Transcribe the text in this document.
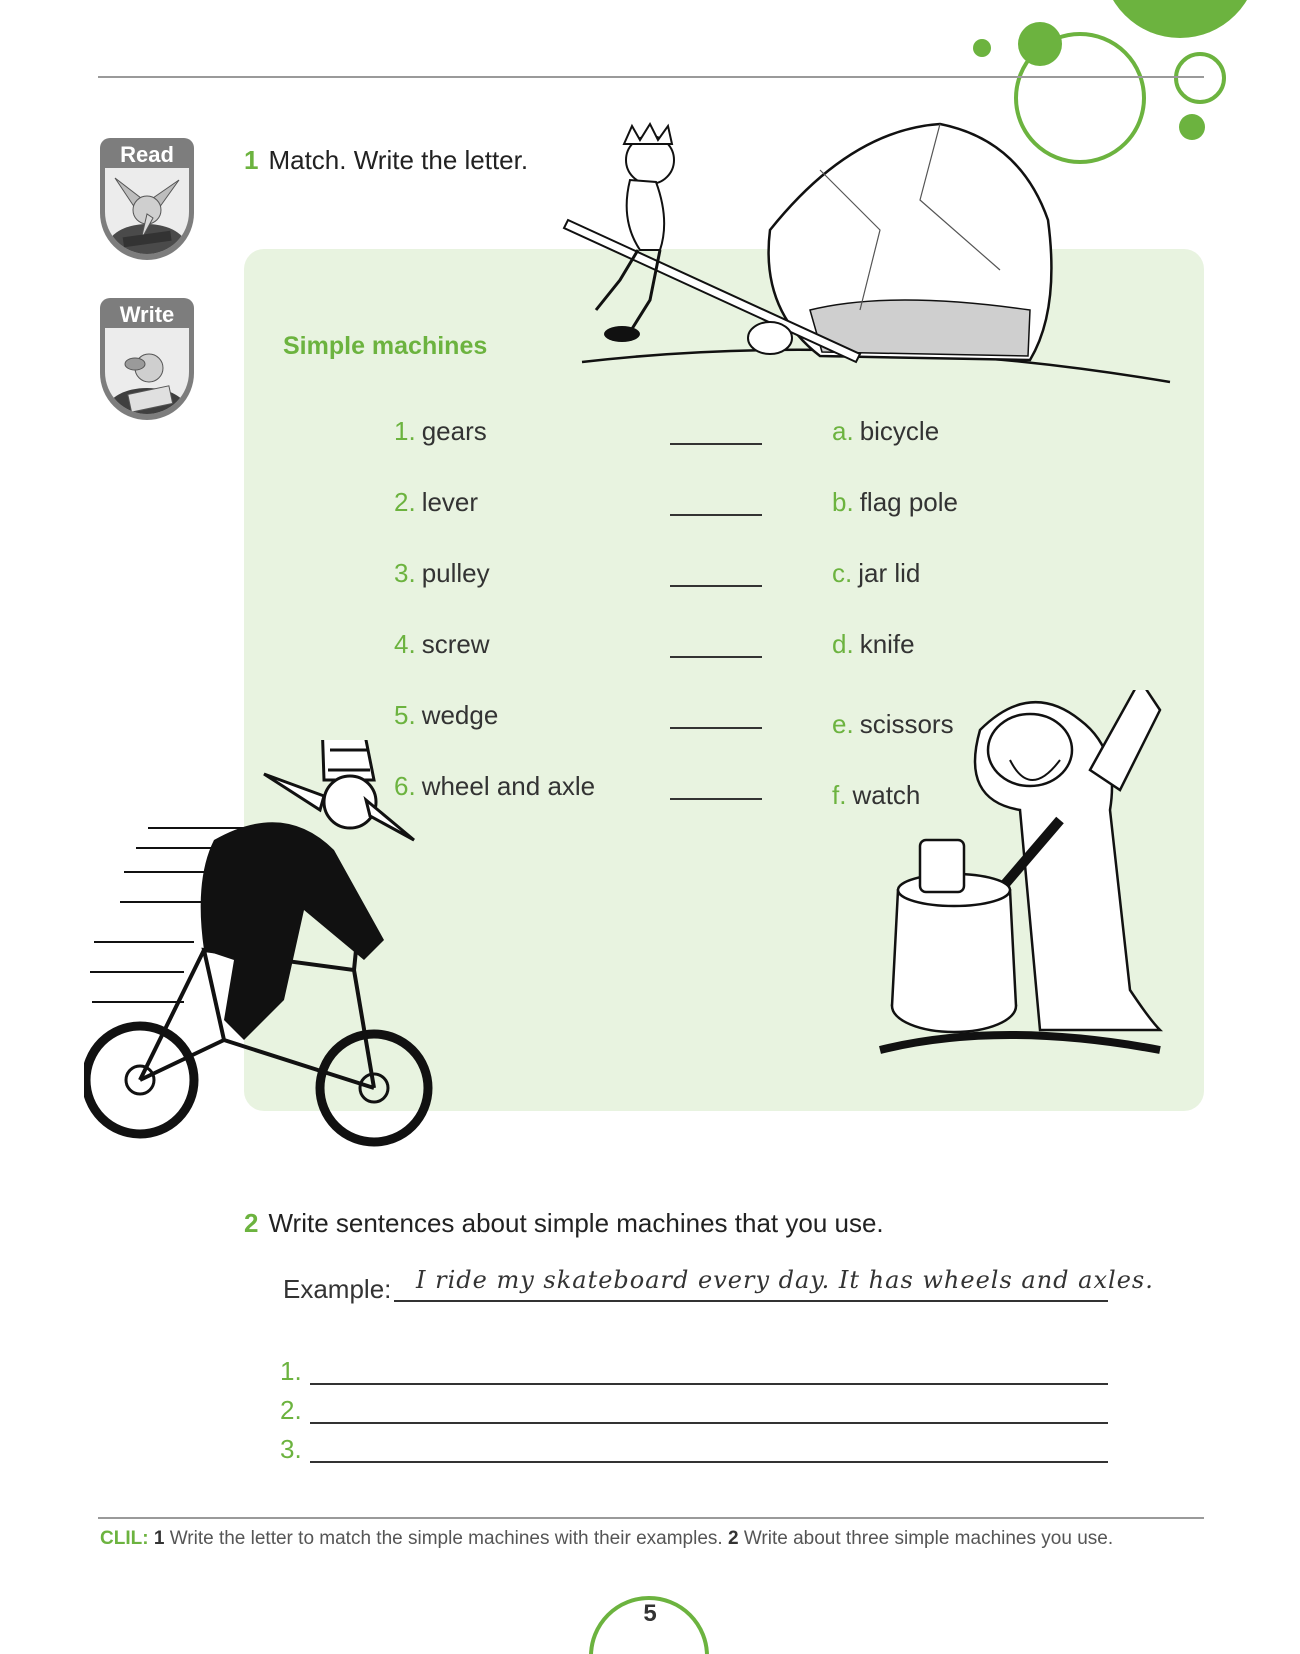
Read
Write
1 Match. Write the letter.
Simple machines
1. gears
2. lever
3. pulley
4. screw
5. wedge
6. wheel and axle
a. bicycle
b. flag pole
c. jar lid
d. knife
e. scissors
f. watch
2 Write sentences about simple machines that you use.
Example: I ride my skateboard every day. It has wheels and axles.
1.
2.
3.
CLIL: 1 Write the letter to match the simple machines with their examples. 2 Write about three simple machines you use.
5
